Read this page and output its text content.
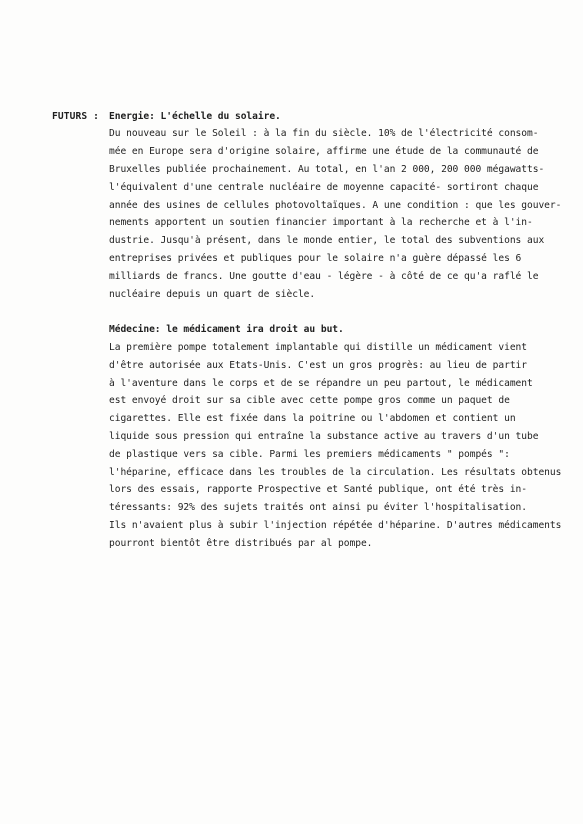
FUTURS : Energie: L'échelle du solaire.
Du nouveau sur le Soleil : à la fin du siècle. 10% de l'électricité consom-
mée en Europe sera d'origine solaire, affirme une étude de la communauté de
Bruxelles publiée prochainement. Au total, en l'an 2 000, 200 000 mégawatts-
l'équivalent d'une centrale nucléaire de moyenne capacité- sortiront chaque
année des usines de cellules photovoltaïques. A une condition : que les gouver-
nements apportent un soutien financier important à la recherche et à l'in-
dustrie. Jusqu'à présent, dans le monde entier, le total des subventions aux
entreprises privées et publiques pour le solaire n'a guère dépassé les 6
milliards de francs. Une goutte d'eau - légère - à côté de ce qu'a raflé le
nucléaire depuis un quart de siècle.
Médecine: le médicament ira droit au but.
La première pompe totalement implantable qui distille un médicament vient
d'être autorisée aux Etats-Unis. C'est un gros progrès: au lieu de partir
à l'aventure dans le corps et de se répandre un peu partout, le médicament
est envoyé droit sur sa cible avec cette pompe gros comme un paquet de
cigarettes. Elle est fixée dans la poitrine ou l'abdomen et contient un
liquide sous pression qui entraîne la substance active au travers d'un tube
de plastique vers sa cible. Parmi les premiers médicaments " pompés ":
l'héparine, efficace dans les troubles de la circulation. Les résultats obtenus
lors des essais, rapporte Prospective et Santé publique, ont été très in-
téressants: 92% des sujets traités ont ainsi pu éviter l'hospitalisation.
Ils n'avaient plus à subir l'injection répétée d'héparine. D'autres médicaments
pourront bientôt être distribués par al pompe.
